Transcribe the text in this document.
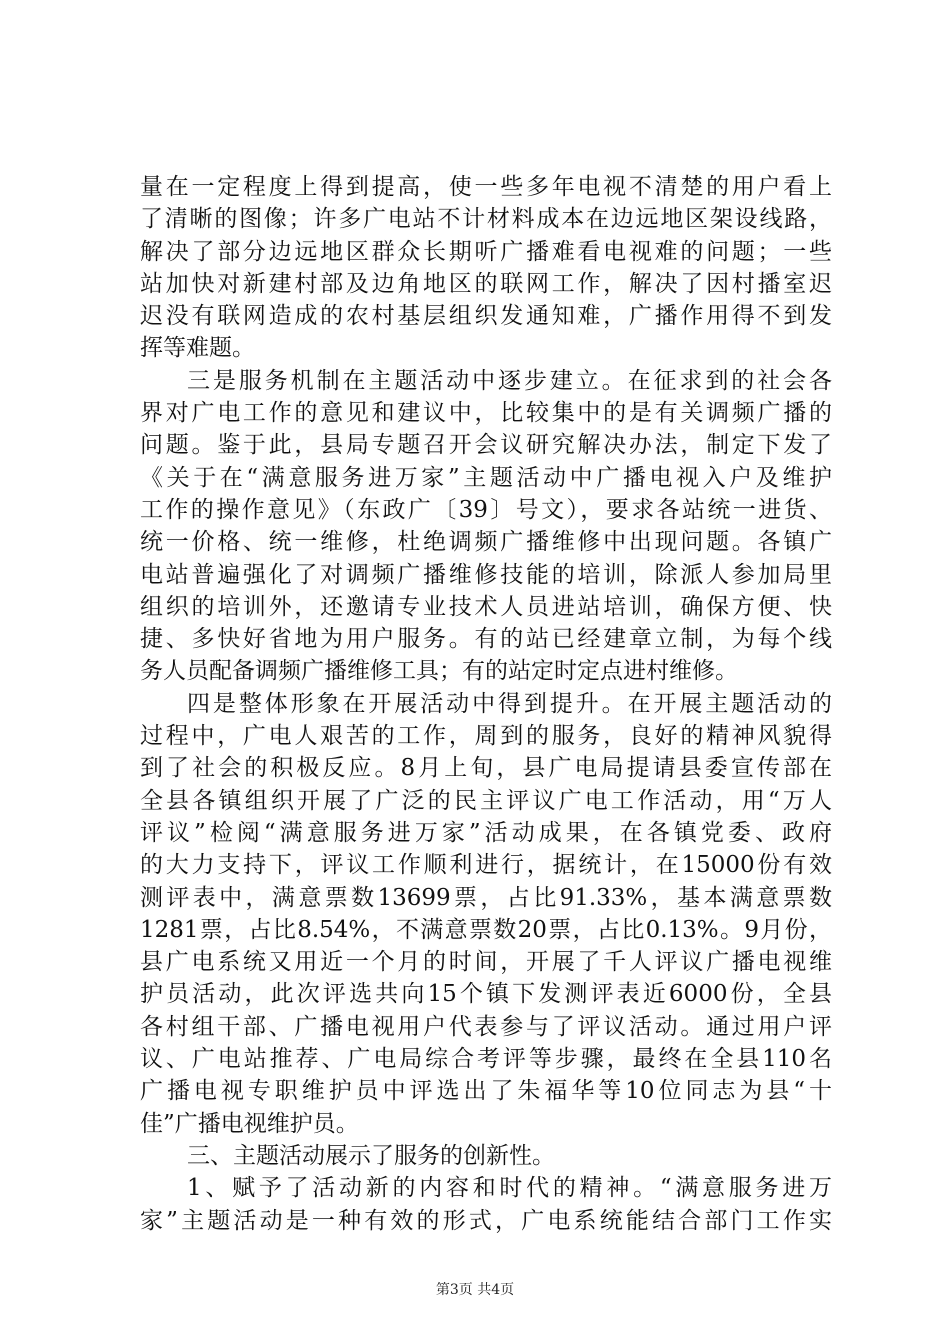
量在一定程度上得到提高，使一些多年电视不清楚的用户看上
了清晰的图像；许多广电站不计材料成本在边远地区架设线路，
解决了部分边远地区群众长期听广播难看电视难的问题；一些
站加快对新建村部及边角地区的联网工作，解决了因村播室迟
迟没有联网造成的农村基层组织发通知难，广播作用得不到发
挥等难题。
三是服务机制在主题活动中逐步建立。在征求到的社会各
界对广电工作的意见和建议中，比较集中的是有关调频广播的
问题。鉴于此，县局专题召开会议研究解决办法，制定下发了
《关于在“满意服务进万家”主题活动中广播电视入户及维护
工作的操作意见》（东政广〔39〕号文），要求各站统一进货、
统一价格、统一维修，杜绝调频广播维修中出现问题。各镇广
电站普遍强化了对调频广播维修技能的培训，除派人参加局里
组织的培训外，还邀请专业技术人员进站培训，确保方便、快
捷、多快好省地为用户服务。有的站已经建章立制，为每个线
务人员配备调频广播维修工具；有的站定时定点进村维修。
四是整体形象在开展活动中得到提升。在开展主题活动的
过程中，广电人艰苦的工作，周到的服务，良好的精神风貌得
到了社会的积极反应。8月上旬，县广电局提请县委宣传部在
全县各镇组织开展了广泛的民主评议广电工作活动，用“万人
评议”检阅“满意服务进万家”活动成果，在各镇党委、政府
的大力支持下，评议工作顺利进行，据统计，在15000份有效
测评表中，满意票数13699票，占比91.33%，基本满意票数
1281票，占比8.54%，不满意票数20票，占比0.13%。9月份，
县广电系统又用近一个月的时间，开展了千人评议广播电视维
护员活动，此次评选共向15个镇下发测评表近6000份，全县
各村组干部、广播电视用户代表参与了评议活动。通过用户评
议、广电站推荐、广电局综合考评等步骤，最终在全县110名
广播电视专职维护员中评选出了朱福华等10位同志为县“十
佳”广播电视维护员。
三、主题活动展示了服务的创新性。
1、赋予了活动新的内容和时代的精神。“满意服务进万
家”主题活动是一种有效的形式，广电系统能结合部门工作实
第3页 共4页
